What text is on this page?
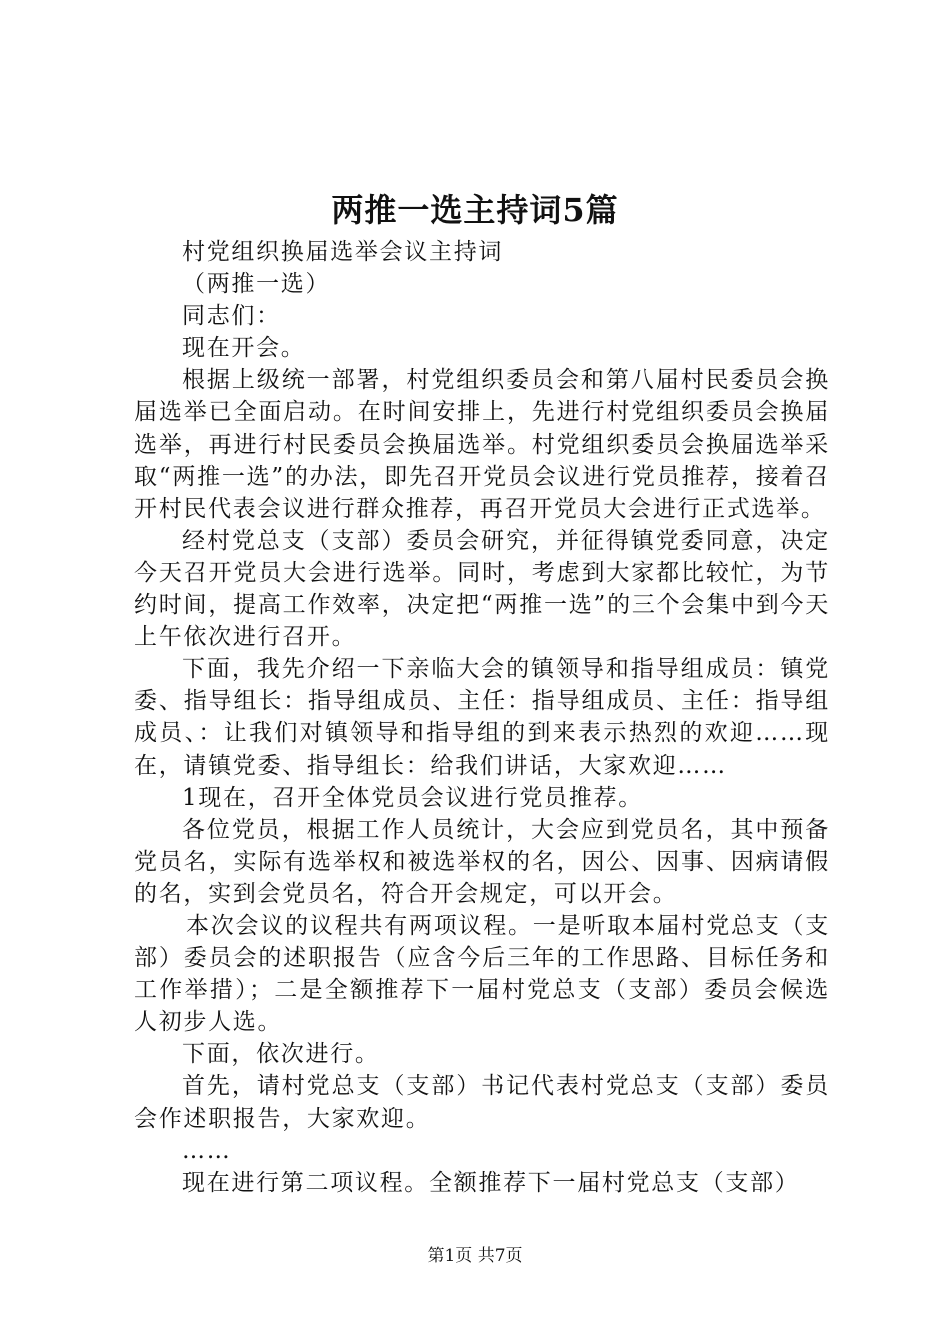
两推一选主持词5篇

村党组织换届选举会议主持词

（两推一选）

同志们：

现在开会。

根据上级统一部署，村党组织委员会和第八届村民委员会换届选举已全面启动。在时间安排上，先进行村党组织委员会换届选举，再进行村民委员会换届选举。村党组织委员会换届选举采取“两推一选”的办法，即先召开党员会议进行党员推荐，接着召开村民代表会议进行群众推荐，再召开党员大会进行正式选举。

经村党总支（支部）委员会研究，并征得镇党委同意，决定今天召开党员大会进行选举。同时，考虑到大家都比较忙，为节约时间，提高工作效率，决定把“两推一选”的三个会集中到今天上午依次进行召开。

下面，我先介绍一下亲临大会的镇领导和指导组成员：镇党委、指导组长：指导组成员、主任：指导组成员、主任：指导组成员、：让我们对镇领导和指导组的到来表示热烈的欢迎……现在，请镇党委、指导组长：给我们讲话，大家欢迎……

1现在，召开全体党员会议进行党员推荐。

各位党员，根据工作人员统计，大会应到党员名，其中预备党员名，实际有选举权和被选举权的名，因公、因事、因病请假的名，实到会党员名，符合开会规定，可以开会。

本次会议的议程共有两项议程。一是听取本届村党总支（支部）委员会的述职报告（应含今后三年的工作思路、目标任务和工作举措）；二是全额推荐下一届村党总支（支部）委员会候选人初步人选。

下面，依次进行。

首先，请村党总支（支部）书记代表村党总支（支部）委员会作述职报告，大家欢迎。

……

现在进行第二项议程。全额推荐下一届村党总支（支部）

第1页 共7页
